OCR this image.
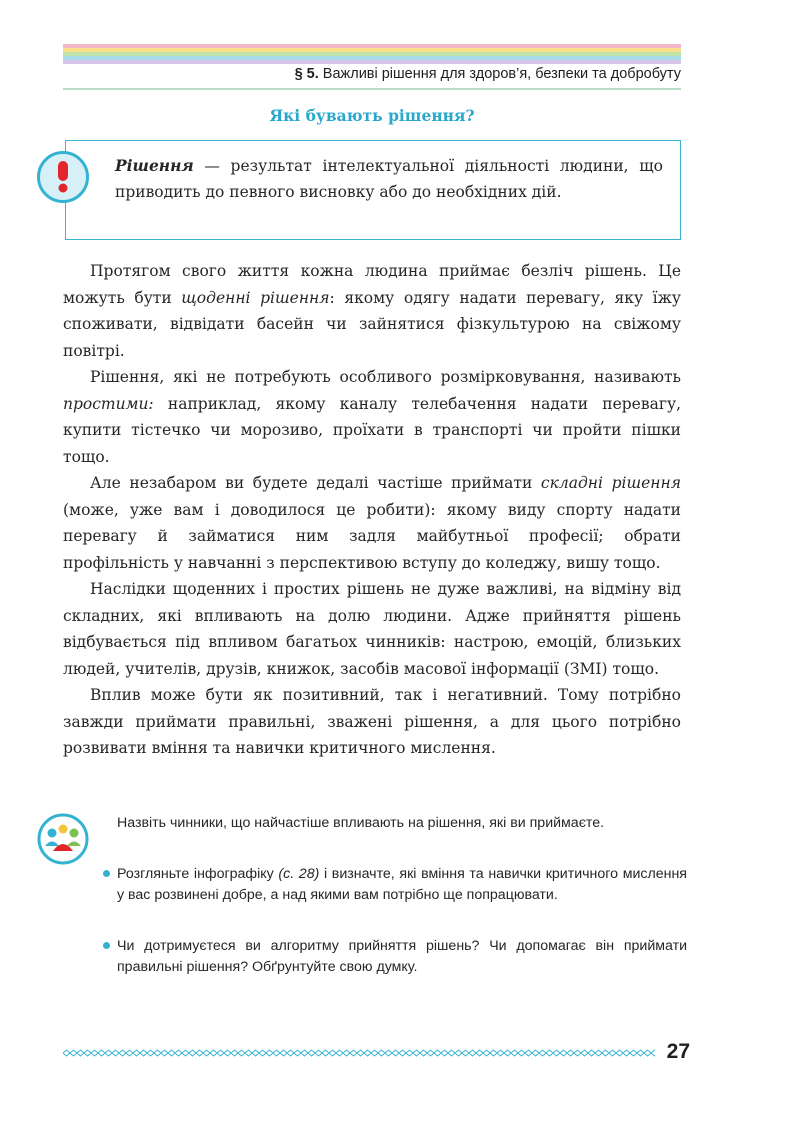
§ 5. Важливі рішення для здоров’я, безпеки та добробуту
Які бувають рішення?
Рішення — результат інтелектуальної діяльності людини, що приводить до певного висновку або до необхідних дій.

Протягом свого життя кожна людина приймає безліч рішень. Це можуть бути щоденні рішення: якому одягу надати перевагу, яку їжу споживати, відвідати басейн чи зайнятися фізкультурою на свіжому повітрі.

Рішення, які не потребують особливого розмірковування, називають простими: наприклад, якому каналу телебачення надати перевагу, купити тістечко чи морозиво, проїхати в транспорті чи пройти пішки тощо.

Але незабаром ви будете дедалі частіше приймати складні рішення (може, уже вам і доводилося це робити): якому виду спорту надати перевагу й займатися ним задля майбутньої професії; обрати профільність у навчанні з перспективою вступу до коледжу, вишу тощо.

Наслідки щоденних і простих рішень не дуже важливі, на відміну від складних, які впливають на долю людини. Адже прийняття рішень відбувається під впливом багатьох чинників: настрою, емоцій, близьких людей, учителів, друзів, книжок, засобів масової інформації (ЗМІ) тощо.

Вплив може бути як позитивний, так і негативний. Тому потрібно завжди приймати правильні, зважені рішення, а для цього потрібно розвивати вміння та навички критичного мислення.

Назвіть чинники, що найчастіше впливають на рішення, які ви приймаєте.
Розгляньте інфографіку (с. 28) і визначте, які вміння та навички критичного мислення у вас розвинені добре, а над якими вам потрібно ще попрацювати.
Чи дотримуєтеся ви алгоритму прийняття рішень? Чи допомагає він приймати правильні рішення? Обґрунтуйте свою думку.
27
